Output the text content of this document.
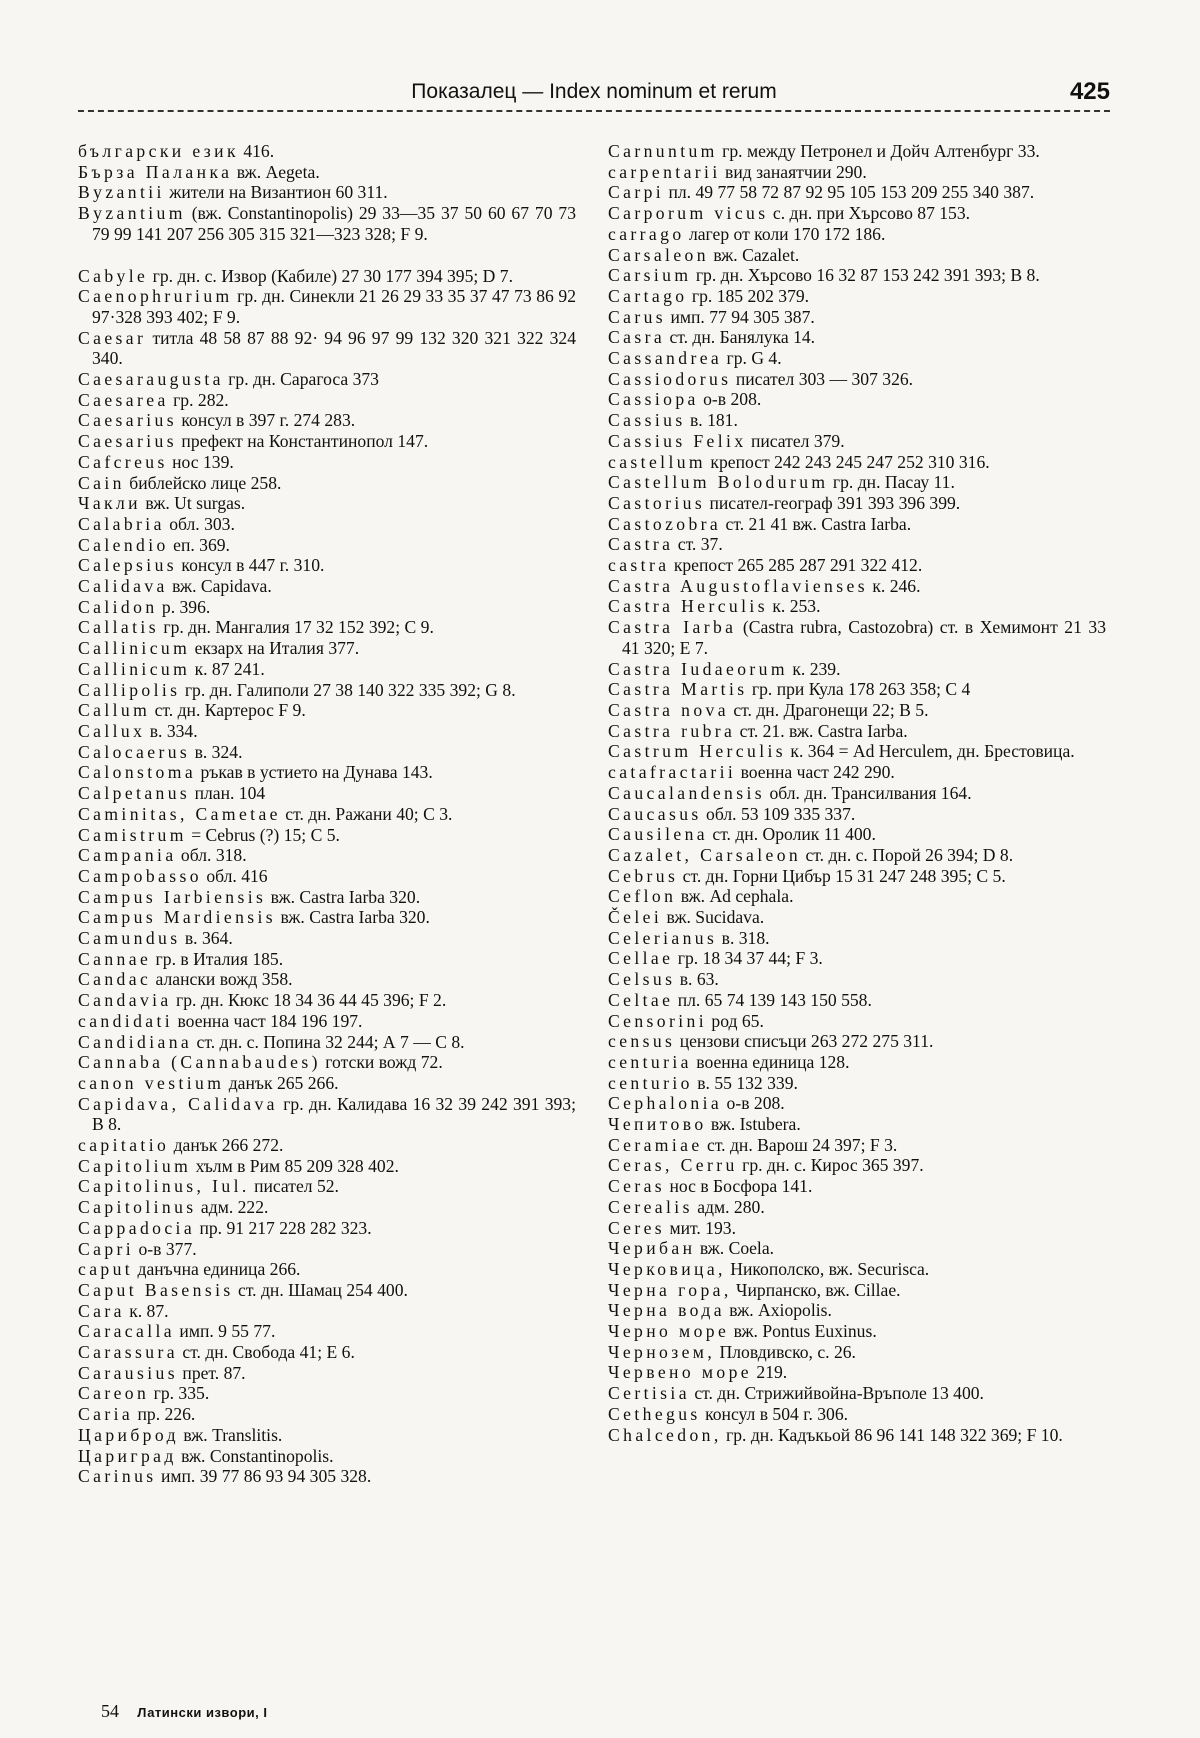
Показалец — Index nominum et rerum	425
български език 416.
Бърза Паланка вж. Aegeta.
Byzantii жители на Византион 60 311.
Byzantium (вж. Constantinopolis) 29 33—35 37 50 60 67 70 73 79 99 141 207 256 305 315 321—323 328; F 9.
Cabyle гр. дн. с. Извор (Кабиле) 27 30 177 394 395; D 7.
Caenophrurium гр. дн. Синекли 21 26 29 33 35 37 47 73 86 92 97·328 393 402; F 9.
Caesar титла 48 58 87 88 92· 94 96 97 99 132 320 321 322 324 340.
Caesaraugusta гр. дн. Сарагоса 373
Caesarea гр. 282.
Caesarius консул в 397 г. 274 283.
Caesarius префект на Константинопол 147.
Cafcreus нос 139.
Cain библейско лице 258.
Чакли вж. Ut surgas.
Calabria обл. 303.
Calendio еп. 369.
Calepsius консул в 447 г. 310.
Calidava вж. Capidava.
Calidon р. 396.
Callatis гр. дн. Мангалия 17 32 152 392; С 9.
Callinicum екзарх на Италия 377.
Callinicum к. 87 241.
Callipolis гр. дн. Галиполи 27 38 140 322 335 392; G 8.
Callum ст. дн. Картерос F 9.
Callux в. 334.
Calocaerus в. 324.
Calonstoma ръкав в устието на Дунава 143.
Calpetanus план. 104
Caminitas, Cametae ст. дн. Ражани 40; С 3.
Camistrum = Cebrus (?) 15; С 5.
Campania обл. 318.
Campobasso обл. 416
Campus Iarbiensis вж. Castra Iarba 320.
Campus Mardiensis вж. Castra Iarba 320.
Camundus в. 364.
Cannae гр. в Италия 185.
Candac алански вожд 358.
Candavia гр. дн. Кюкс 18 34 36 44 45 396; F 2.
candidati военна част 184 196 197.
Candidiana ст. дн. с. Попина 32 244; А 7 — С 8.
Cannaba (Cannabaudes) готски вожд 72.
canon vestium данък 265 266.
Capidava, Calidava гр. дн. Калидава 16 32 39 242 391 393; В 8.
capitatio данък 266 272.
Capitolium хълм в Рим 85 209 328 402.
Capitolinus, Iul. писател 52.
Capitolinus адм. 222.
Cappadocia пр. 91 217 228 282 323.
Capri о-в 377.
caput данъчна единица 266.
Caput Basensis ст. дн. Шамац 254 400.
Cara к. 87.
Caracalla имп. 9 55 77.
Carassura ст. дн. Свобода 41; Е 6.
Carausius прет. 87.
Careon гр. 335.
Caria пр. 226.
Цариброд вж. Translitis.
Цариград вж. Constantinopolis.
Carinus имп. 39 77 86 93 94 305 328.
Carnuntum гр. между Петронел и Дойч Алтенбург 33.
carpentarii вид занаятчии 290.
Carpi пл. 49 77 58 72 87 92 95 105 153 209 255 340 387.
Carporum vicus с. дн. при Хърсово 87 153.
carrago лагер от коли 170 172 186.
Carsaleon вж. Cazalet.
Carsium гр. дн. Хърсово 16 32 87 153 242 391 393; В 8.
Cartago гр. 185 202 379.
Carus имп. 77 94 305 387.
Casra ст. дн. Банялука 14.
Cassandrea гр. G 4.
Cassiodorus писател 303 — 307 326.
Cassiopa о-в 208.
Cassius в. 181.
Cassius Felix писател 379.
castellum крепост 242 243 245 247 252 310 316.
Castellum Bolodurum гр. дн. Пасау 11.
Castorius писател-географ 391 393 396 399.
Castozobra ст. 21 41 вж. Castra Iarba.
Castra ст. 37.
castra крепост 265 285 287 291 322 412.
Castra Augustoflavienses к. 246.
Castra Herculis к. 253.
Castra Iarba (Castra rubra, Castozobra) ст. в Хемимонт 21 33 41 320; Е 7.
Castra Iudaeorum к. 239.
Castra Martis гр. при Кула 178 263 358; С 4
Castra nova ст. дн. Драгонещи 22; В 5.
Castra rubra ст. 21. вж. Castra Iarba.
Castrum Herculis к. 364 = Ad Herculem, дн. Брестовица.
catafractarii военна част 242 290.
Caucalandensis обл. дн. Трансилвания 164.
Caucasus обл. 53 109 335 337.
Causilena ст. дн. Оролик 11 400.
Cazalet, Carsaleon ст. дн. с. Порой 26 394; D 8.
Cebrus ст. дн. Горни Цибър 15 31 247 248 395; С 5.
Ceflon вж. Ad cephala.
Čelei вж. Sucidava.
Celerianus в. 318.
Cellae гр. 18 34 37 44; F 3.
Celsus в. 63.
Celtae пл. 65 74 139 143 150 558.
Censorini род 65.
census цензови списъци 263 272 275 311.
centuria военна единица 128.
centurio в. 55 132 339.
Cephalonia о-в 208.
Чепитово вж. Istubera.
Ceramiae ст. дн. Варош 24 397; F 3.
Ceras, Cerru гр. дн. с. Кирос 365 397.
Ceras нос в Босфора 141.
Cerealis адм. 280.
Ceres мит. 193.
Черибан вж. Coela.
Черковица, Никополско, вж. Securisca.
Черна гора, Чирпанско, вж. Cillae.
Черна вода вж. Axiopolis.
Черно море вж. Pontus Euxinus.
Чернозем, Пловдивско, с. 26.
Червено море 219.
Certisia ст. дн. Стрижийвойна-Връполе 13 400.
Cethegus консул в 504 г. 306.
Chalcedon, гр. дн. Кадъкьой 86 96 141 148 322 369; F 10.
54 Латински извори, I
